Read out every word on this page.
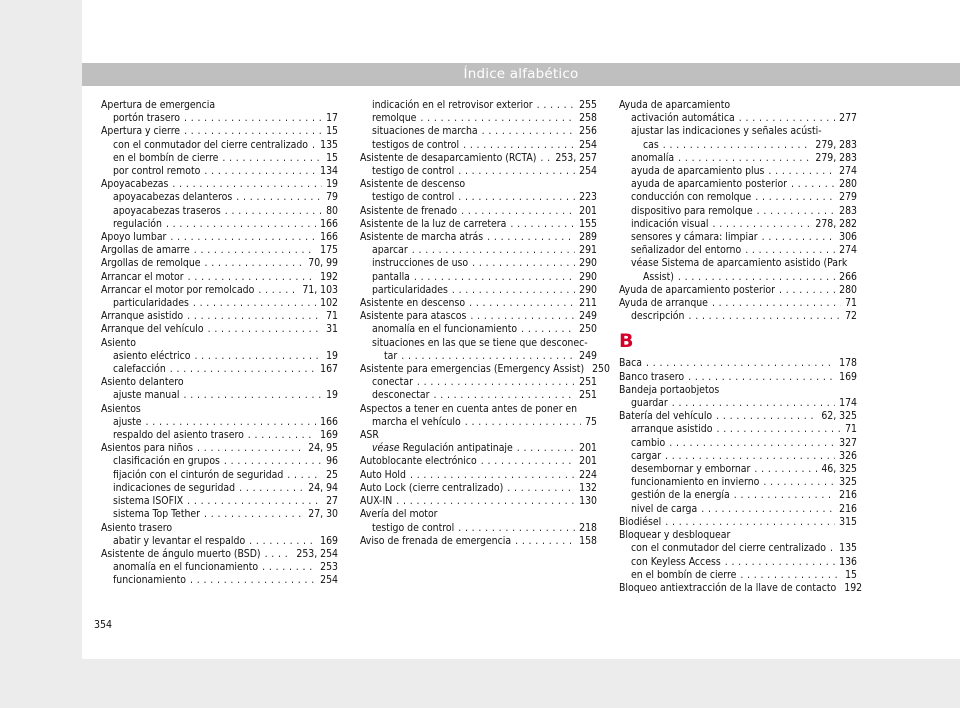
Índice alfabético
Apertura de emergencia
portón trasero . . .	17
Apertura y cierre . . .	15
con el conmutador del cierre centralizado . . . 135
en el bombín de cierre . . .	15
por control remoto . . .	134
Apoyacabezas . . .	19
apoyacabezas delanteros . . .	79
apoyacabezas traseros . . .	80
regulación . . .	166
Apoyo lumbar . . .	166
Argollas de amarre . . .	175
Argollas de remolque . . .	70, 99
Arrancar el motor . . .	192
Arrancar el motor por remolcado . . .	71, 103
particularidades . . .	102
Arranque asistido . . .	71
Arranque del vehículo . . .	31
Asiento
asiento eléctrico . . .	19
calefacción . . .	167
Asiento delantero
ajuste manual . . .	19
Asientos
ajuste . . .	166
respaldo del asiento trasero . . .	169
Asientos para niños . . .	24, 95
clasificación en grupos . . .	96
fijación con el cinturón de seguridad . . .	25
indicaciones de seguridad . . .	24, 94
sistema ISOFIX . . .	27
sistema Top Tether . . .	27, 30
Asiento trasero
abatir y levantar el respaldo . . .	169
Asistente de ángulo muerto (BSD) . . .	253, 254
anomalía en el funcionamiento . . .	253
funcionamiento . . .	254
indicación en el retrovisor exterior . . .	255
remolque . . .	258
situaciones de marcha . . .	256
testigos de control . . .	254
Asistente de desaparcamiento (RCTA) . . . 253, 257
testigo de control . . .	254
Asistente de descenso
testigo de control . . .	223
Asistente de frenado . . .	201
Asistente de la luz de carretera . . .	155
Asistente de marcha atrás . . .	289
aparcar . . .	291
instrucciones de uso . . .	290
pantalla . . .	290
particularidades . . .	290
Asistente en descenso . . .	211
Asistente para atascos . . .	249
anomalía en el funcionamiento . . .	250
situaciones en las que se tiene que desconec-
tar . . .	249
Asistente para emergencias (Emergency Assist) 250
conectar . . .	251
desconectar . . .	251
Aspectos a tener en cuenta antes de poner en
marcha el vehículo . . .	75
ASR
véase Regulación antipatinaje . . .	201
Autoblocante electrónico . . .	201
Auto Hold . . .	224
Auto Lock (cierre centralizado) . . .	132
AUX-IN . . .	130
Avería del motor
testigo de control . . .	218
Aviso de frenada de emergencia . . .	158
Ayuda de aparcamiento
activación automática . . .	277
ajustar las indicaciones y señales acústi-
cas . . .	279, 283
anomalía . . .	279, 283
ayuda de aparcamiento plus . . .	274
ayuda de aparcamiento posterior . . .	280
conducción con remolque . . .	279
dispositivo para remolque . . .	283
indicación visual . . .	278, 282
sensores y cámara: limpiar . . .	306
señalizador del entorno . . .	274
véase Sistema de aparcamiento asistido (Park
Assist) . . .	266
Ayuda de aparcamiento posterior . . .	280
Ayuda de arranque . . .	71
descripción . . .	72
B
Baca . . .	178
Banco trasero . . .	169
Bandeja portaobjetos
guardar . . .	174
Batería del vehículo . . .	62, 325
arranque asistido . . .	71
cambio . . .	327
cargar . . .	326
desembornar y embornar . . .	46, 325
funcionamiento en invierno . . .	325
gestión de la energía . . .	216
nivel de carga . . .	216
Biodiésel . . .	315
Bloquear y desbloquear
con el conmutador del cierre centralizado . . . 135
con Keyless Access . . .	136
en el bombín de cierre . . .	15
Bloqueo antiextracción de la llave de contacto 192
354
